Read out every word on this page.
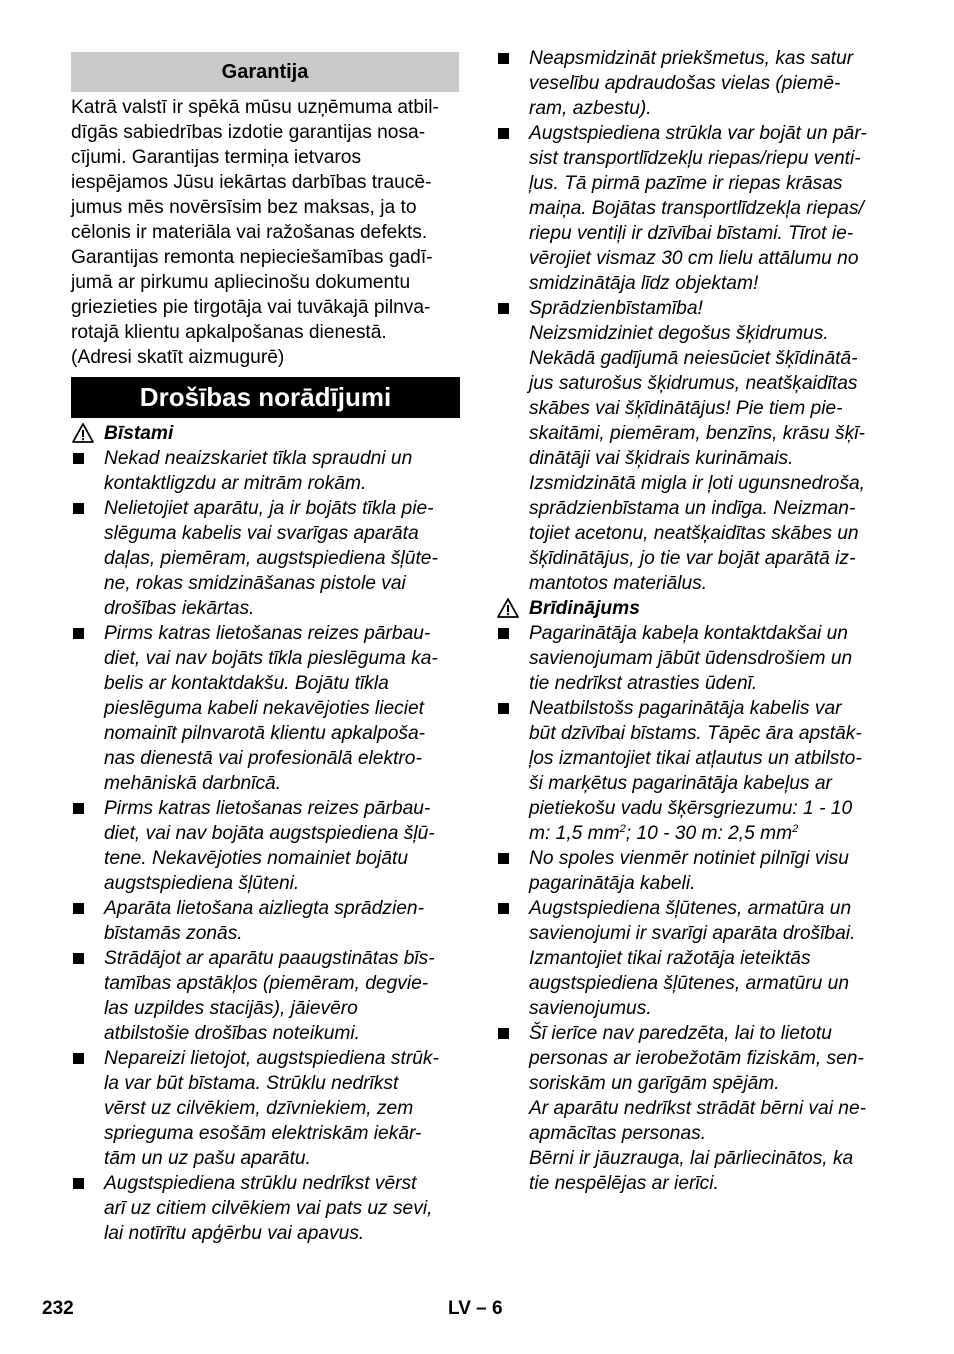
Garantija
Katrā valstī ir spēkā mūsu uzņēmuma atbil-
dīgās sabiedrības izdotie garantijas nosa-
cījumi. Garantijas termiņa ietvaros
iespējamos Jūsu iekārtas darbības traucē-
jumus mēs novērsīsim bez maksas, ja to
cēlonis ir materiāla vai ražošanas defekts.
Garantijas remonta nepieciešamības gadī-
jumā ar pirkumu apliecinošu dokumentu
griezieties pie tirgotāja vai tuvākajā pilnva-
rotajā klientu apkalpošanas dienestā.
(Adresi skatīt aizmugurē)
Bīstami
Nekad neaizskariet tīkla spraudni un
kontaktligzdu ar mitrām rokām.
Nelietojiet aparātu, ja ir bojāts tīkla pie-
slēguma kabelis vai svarīgas aparāta
daļas, piemēram, augstspiediena šļūte-
ne, rokas smidzināšanas pistole vai
drošības iekārtas.
Pirms katras lietošanas reizes pārbau-
diet, vai nav bojāts tīkla pieslēguma ka-
belis ar kontaktdakšu. Bojātu tīkla
pieslēguma kabeli nekavējoties lieciet
nomainīt pilnvarotā klientu apkalpoša-
nas dienestā vai profesionālā elektro-
mehāniskā darbnīcā.
Pirms katras lietošanas reizes pārbau-
diet, vai nav bojāta augstspiediena šļū-
tene. Nekavējoties nomainiet bojātu
augstspiediena šļūteni.
Aparāta lietošana aizliegta sprādzien-
bīstamās zonās.
Strādājot ar aparātu paaugstinātas bīs-
tamības apstākļos (piemēram, degvie-
las uzpildes stacijās), jāievēro
atbilstošie drošības noteikumi.
Nepareizi lietojot, augstspiediena strūk-
la var būt bīstama. Strūklu nedrīkst
vērst uz cilvēkiem, dzīvniekiem, zem
sprieguma esošām elektriskām iekār-
tām un uz pašu aparātu.
Augstspiediena strūklu nedrīkst vērst
arī uz citiem cilvēkiem vai pats uz sevi,
lai notīrītu apģērbu vai apavus.
Drošības norādījumi
Neapsmidzināt priekšmetus, kas satur
veselību apdraudošas vielas (piemē-
ram, azbestu).
Augstspiediena strūkla var bojāt un pār-
sist transportlīdzekļu riepas/riepu venti-
ļus. Tā pirmā pazīme ir riepas krāsas
maiņa. Bojātas transportlīdzekļa riepas/
riepu ventiļi ir dzīvībai bīstami. Tīrot ie-
vērojiet vismaz 30 cm lielu attālumu no
smidzinātāja līdz objektam!
Sprādzienbīstamība!
Neizsmidziniet degošus šķidrumus.
Nekādā gadījumā neiesūciet šķīdinātā-
jus saturošus šķidrumus, neatšķaidītas
skābes vai šķīdinātājus! Pie tiem pie-
skaitāmi, piemēram, benzīns, krāsu šķī-
dinātāji vai šķidrais kurināmais.
Izsmidzinātā migla ir ļoti ugunsnedroša,
sprādzienbīstama un indīga. Neizman-
tojiet acetonu, neatšķaidītas skābes un
šķīdinātājus, jo tie var bojāt aparātā iz-
mantotos materiālus.
Brīdinājums
Pagarinātāja kabeļa kontaktdakšai un
savienojumam jābūt ūdensdrošiem un
tie nedrīkst atrasties ūdenī.
Neatbilstošs pagarinātāja kabelis var
būt dzīvībai bīstams. Tāpēc āra apstāk-
ļos izmantojiet tikai atļautus un atbilsto-
ši marķētus pagarinātāja kabeļus ar
pietiekošu vadu šķērsgriezumu: 1 - 10
m: 1,5 $mm^2$; 10 - 30 m: 2,5 $mm^2$
No spoles vienmēr notiniet pilnīgi visu
pagarinātāja kabeli.
Augstspiediena šļūtenes, armatūra un
savienojumi ir svarīgi aparāta drošībai.
Izmantojiet tikai ražotāja ieteiktās
augstspiediena šļūtenes, armatūru un
savienojumus.
Šī ierīce nav paredzēta, lai to lietotu
personas ar ierobežotām fiziskām, sen-
soriskām un garīgām spējām.
Ar aparātu nedrīkst strādāt bērni vai ne-
apmācītas personas.
Bērni ir jāuzrauga, lai pārliecinātos, ka
tie nespēlējas ar ierīci.
232	LV – 6
